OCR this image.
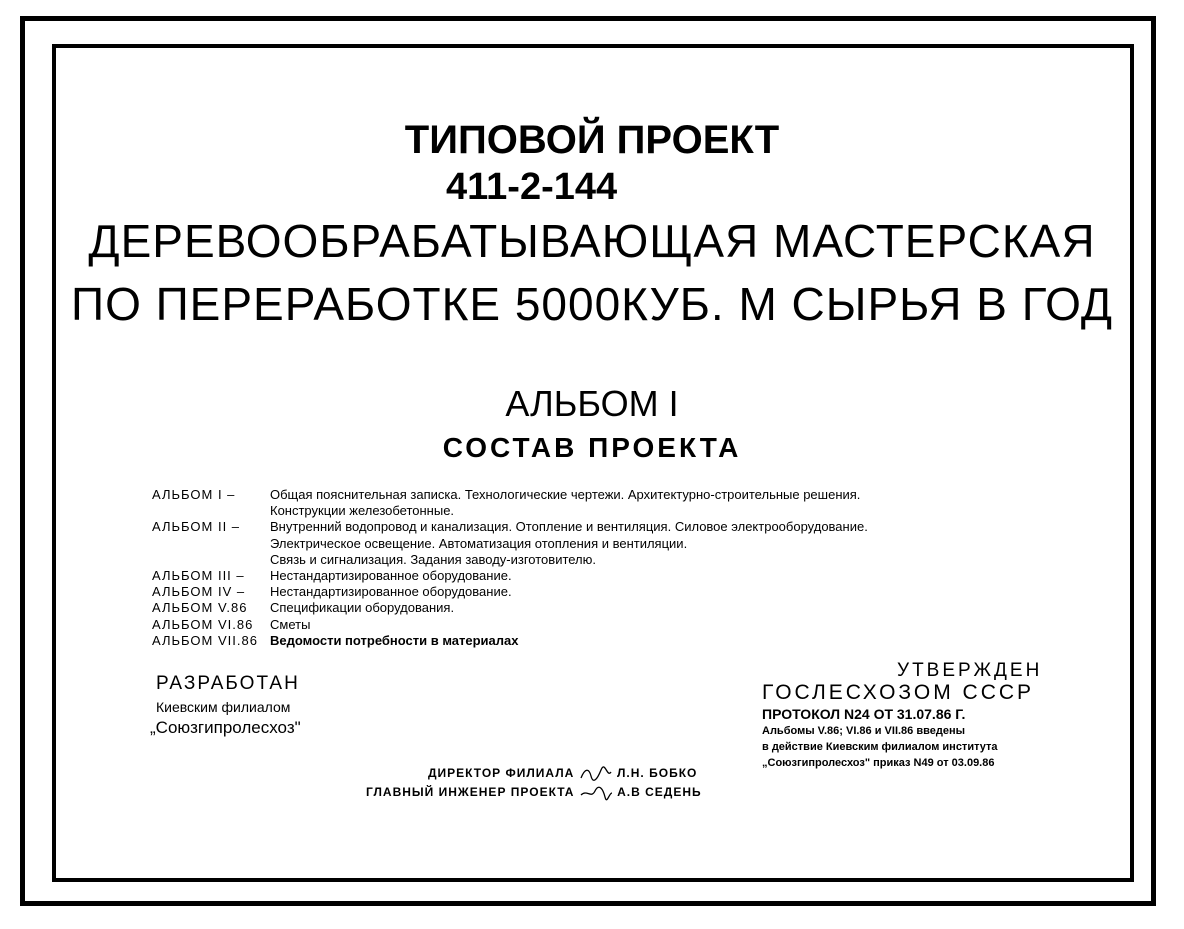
ТИПОВОЙ ПРОЕКТ
411-2-144
ДЕРЕВООБРАБАТЫВАЮЩАЯ МАСТЕРСКАЯ
ПО ПЕРЕРАБОТКЕ 5000КУБ. М СЫРЬЯ В ГОД
АЛЬБОМ I
СОСТАВ ПРОЕКТА
АЛЬБОМ I –	Общая пояснительная записка. Технологические чертежи. Архитектурно-строительные решения.
Конструкции железобетонные.
АЛЬБОМ II –	Внутренний водопровод и канализация. Отопление и вентиляция. Силовое электрооборудование.
Электрическое освещение. Автоматизация отопления и вентиляции.
Связь и сигнализация. Задания заводу-изготовителю.
АЛЬБОМ III –	Нестандартизированное оборудование.
АЛЬБОМ IV –	Нестандартизированное оборудование.
АЛЬБОМ V.86	Спецификации оборудования.
АЛЬБОМ VI.86	Сметы
АЛЬБОМ VII.86 Ведомости потребности в материалах
РАЗРАБОТАН
Киевским филиалом
„Союзгипролесхоз"
УТВЕРЖДЕН
ГОСЛЕСХОЗОМ СССР
ПРОТОКОЛ N24 ОТ 31.07.86 Г.
Альбомы V.86; VI.86 и VII.86 введены
в действие Киевским филиалом института
„Союзгипролесхоз" приказ N49 от 03.09.86
ДИРЕКТОР ФИЛИАЛА	Л.Н. БОБКО
ГЛАВНЫЙ ИНЖЕНЕР ПРОЕКТА	А.В СЕДЕНЬ
